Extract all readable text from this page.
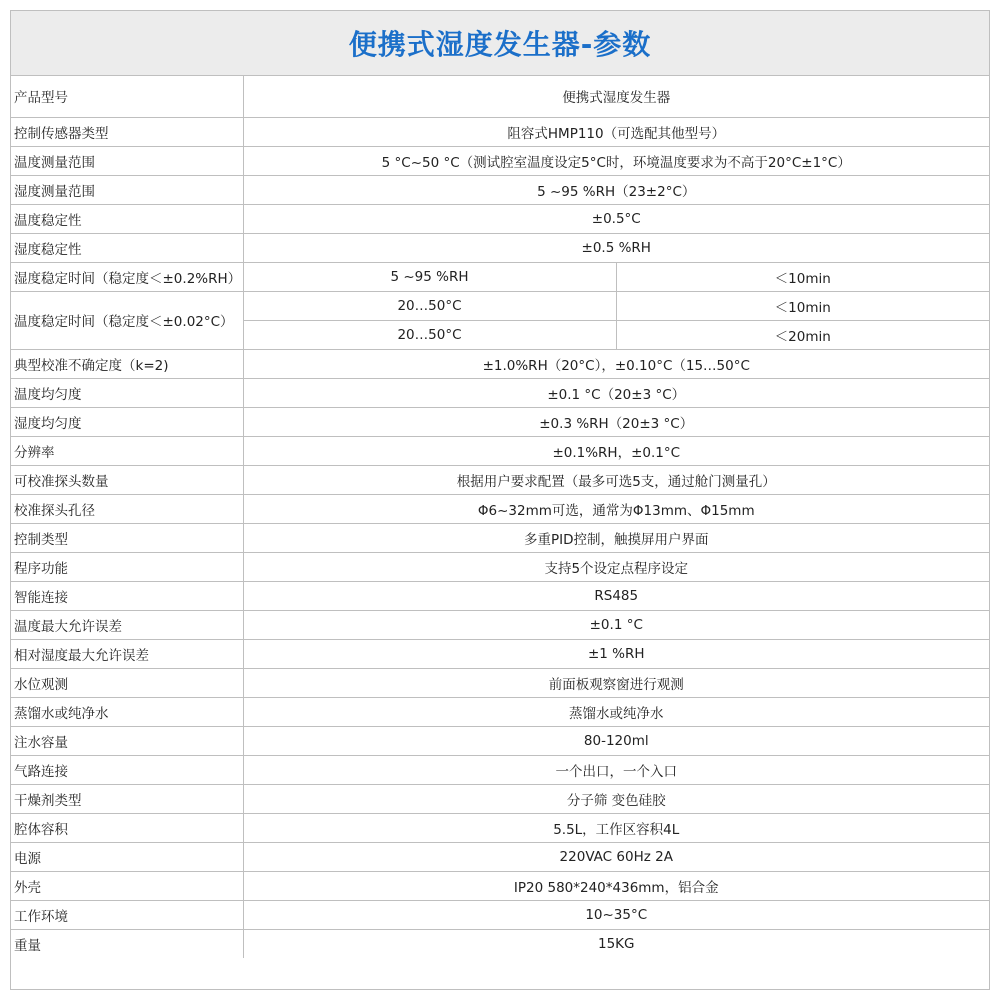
便携式湿度发生器-参数
产品型号	便携式湿度发生器	
控制传感器类型	阻容式HMP110（可选配其他型号）	
温度测量范围	5 °C~50 °C（测试腔室温度设定5°C时，环境温度要求为不高于20°C±1°C）	
湿度测量范围	5 ~95 %RH（23±2°C）	
温度稳定性	±0.5°C	
湿度稳定性	±0.5 %RH	
湿度稳定时间（稳定度＜±0.2%RH）	5 ~95 %RH	＜10min
温度稳定时间（稳定度＜±0.02°C）	20…50°C	＜10min
	20…50°C	＜20min
典型校准不确定度（k=2)	±1.0%RH（20°C），±0.10°C（15…50°C	
温度均匀度	±0.1 °C（20±3 °C）	
湿度均匀度	±0.3 %RH（20±3 °C）	
分辨率	±0.1%RH，±0.1°C	
可校准探头数量	根据用户要求配置（最多可选5支，通过舱门测量孔）	
校准探头孔径	Φ6~32mm可选，通常为Φ13mm、Φ15mm	
控制类型	多重PID控制，触摸屏用户界面	
程序功能	支持5个设定点程序设定	
智能连接	RS485	
温度最大允许误差	±0.1 °C	
相对湿度最大允许误差	±1 %RH	
水位观测	前面板观察窗进行观测	
蒸馏水或纯净水	蒸馏水或纯净水	
注水容量	80-120ml	
气路连接	一个出口，一个入口	
干燥剂类型	分子筛 变色硅胶	
腔体容积	5.5L，工作区容积4L	
电源	220VAC 60Hz 2A	
外壳	IP20 580*240*436mm，铝合金	
工作环境	10~35°C	
重量	15KG	
